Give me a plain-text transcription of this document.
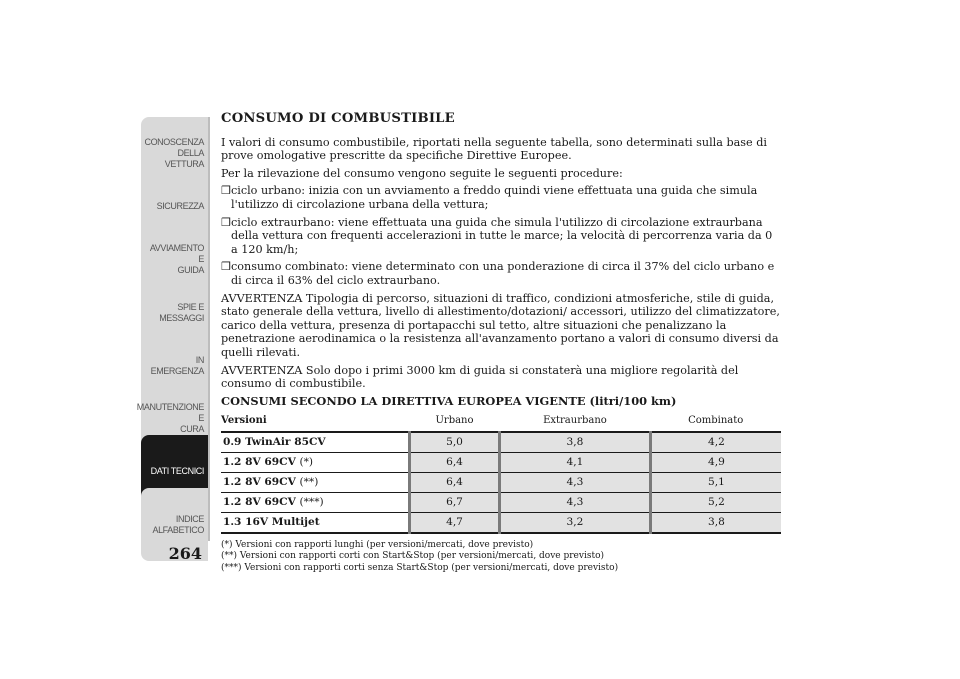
CONOSCENZA
DELLA VETTURA
SICUREZZA
AVVIAMENTO E
GUIDA
SPIE E MESSAGGI
IN EMERGENZA
MANUTENZIONE E
CURA
DATI TECNICI
INDICE
ALFABETICO
264
CONSUMO DI COMBUSTIBILE

I valori di consumo combustibile, riportati nella seguente tabella, sono determinati sulla base di prove omologative prescritte da specifiche Direttive Europee.

Per la rilevazione del consumo vengono seguite le seguenti procedure:

❒ ciclo urbano: inizia con un avviamento a freddo quindi viene effettuata una guida che simula l'utilizzo di circolazione urbana della vettura;
❒ ciclo extraurbano: viene effettuata una guida che simula l'utilizzo di circolazione extraurbana della vettura con frequenti accelerazioni in tutte le marce; la velocità di percorrenza varia da 0 a 120 km/h;
❒ consumo combinato: viene determinato con una ponderazione di circa il 37% del ciclo urbano e di circa il 63% del ciclo extraurbano.

AVVERTENZA Tipologia di percorso, situazioni di traffico, condizioni atmosferiche, stile di guida, stato generale della vettura, livello di allestimento/dotazioni/ accessori, utilizzo del climatizzatore, carico della vettura, presenza di portapacchi sul tetto, altre situazioni che penalizzano la penetrazione aerodinamica o la resistenza all'avanzamento portano a valori di consumo diversi da quelli rilevati.

AVVERTENZA Solo dopo i primi 3000 km di guida si constaterà una migliore regolarità del consumo di combustibile.

CONSUMI SECONDO LA DIRETTIVA EUROPEA VIGENTE (litri/100 km)
Versioni	Urbano	Extraurbano	Combinato
0.9 TwinAir 85CV	5,0	3,8	4,2
1.2 8V 69CV (*)	6,4	4,1	4,9
1.2 8V 69CV (**)	6,4	4,3	5,1
1.2 8V 69CV (***)	6,7	4,3	5,2
1.3 16V Multijet	4,7	3,2	3,8
(*) Versioni con rapporti lunghi (per versioni/mercati, dove previsto)
(**) Versioni con rapporti corti con Start&Stop (per versioni/mercati, dove previsto)
(***) Versioni con rapporti corti senza Start&Stop (per versioni/mercati, dove previsto)
